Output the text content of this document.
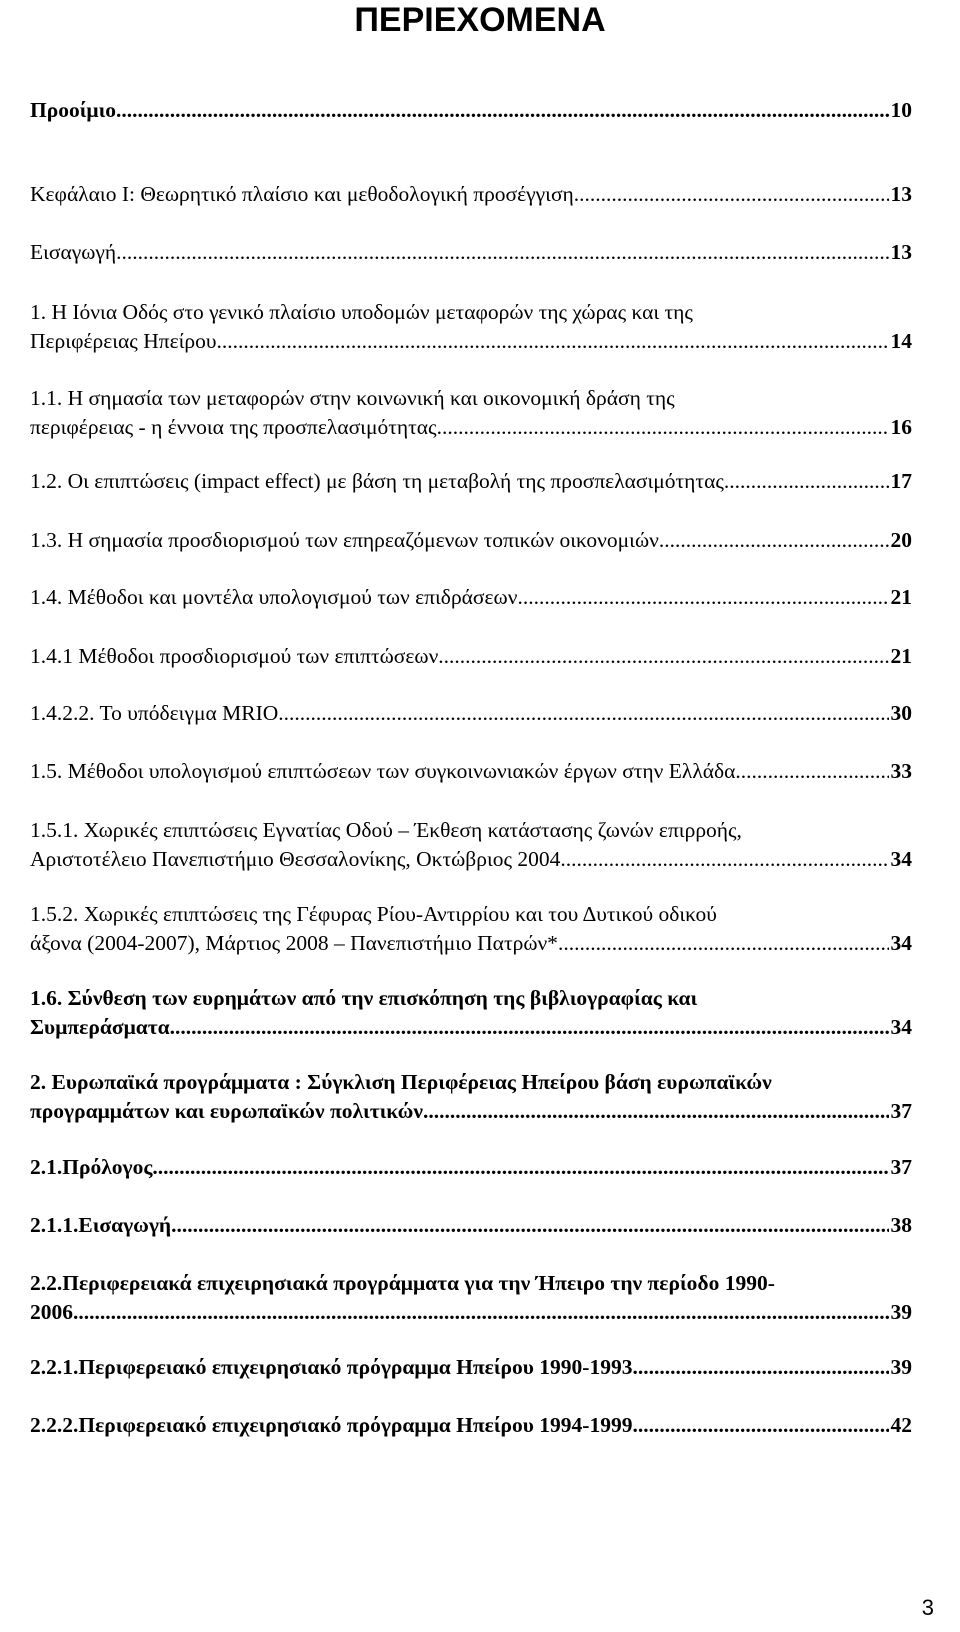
ΠΕΡΙΕΧΟΜΕΝΑ
Προοίμιο .....	10
Κεφάλαιο Ι: Θεωρητικό πλαίσιο και μεθοδολογική προσέγγιση .....	13
Εισαγωγή .....	13
1. Η Ιόνια Οδός στο γενικό πλαίσιο υποδομών μεταφορών της χώρας και της
Περιφέρειας Ηπείρου .....	14
1.1. Η σημασία των μεταφορών στην κοινωνική και οικονομική δράση της
περιφέρειας - η έννοια της προσπελασιμότητας .....	16
1.2. Οι επιπτώσεις (impact effect) με βάση τη μεταβολή της προσπελασιμότητας .....	17
1.3. Η σημασία προσδιορισμού των επηρεαζόμενων τοπικών οικονομιών .....	20
1.4. Μέθοδοι και μοντέλα υπολογισμού των επιδράσεων .....	21
1.4.1 Μέθοδοι προσδιορισμού των επιπτώσεων .....	21
1.4.2.2. Το υπόδειγμα MRIO .....	30
1.5. Μέθοδοι υπολογισμού επιπτώσεων των συγκοινωνιακών έργων στην Ελλάδα .....	33
1.5.1. Χωρικές επιπτώσεις Εγνατίας Οδού – Έκθεση κατάστασης ζωνών επιρροής,
Αριστοτέλειο Πανεπιστήμιο Θεσσαλονίκης, Οκτώβριος 2004 .....	34
1.5.2. Χωρικές επιπτώσεις της Γέφυρας Ρίου-Αντιρρίου και του Δυτικού οδικού
άξονα (2004-2007), Μάρτιος 2008 – Πανεπιστήμιο Πατρών* .....	34
1.6. Σύνθεση των ευρημάτων από την επισκόπηση της βιβλιογραφίας και
Συμπεράσματα .....	34
2. Ευρωπαϊκά προγράμματα : Σύγκλιση Περιφέρειας Ηπείρου βάση ευρωπαϊκών
προγραμμάτων και ευρωπαϊκών πολιτικών .....	37
2.1.Πρόλογος .....	37
2.1.1.Εισαγωγή .....	38
2.2.Περιφερειακά επιχειρησιακά προγράμματα για την Ήπειρο την περίοδο 1990-
2006 .....	39
2.2.1.Περιφερειακό επιχειρησιακό πρόγραμμα Ηπείρου 1990-1993 .....	39
2.2.2.Περιφερειακό επιχειρησιακό πρόγραμμα Ηπείρου 1994-1999 .....	42
3
